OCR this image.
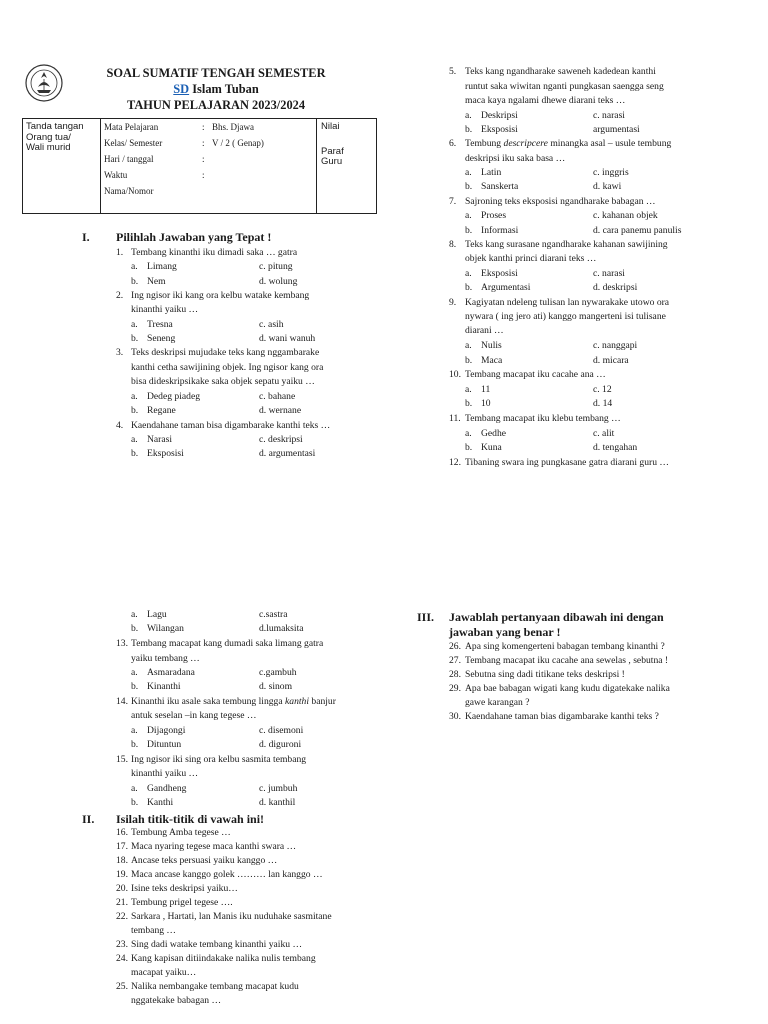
SOAL SUMATIF TENGAH SEMESTER
SD Islam Tuban
TAHUN PELAJARAN 2023/2024
Tanda tangan
Orang tua/
Wali murid

Mata Pelajaran	: Bhs. Djawa
Kelas/ Semester	: V / 2 ( Genap)
Hari / tanggal	:
Waktu	:
Nama/Nomor

Nilai
Paraf
Guru
I. Pilihlah Jawaban yang Tepat !
1. Tembang kinanthi iku dimadi saka … gatra
a. Limang	c. pitung
b. Nem	d. wolung
2. Ing ngisor iki kang ora kelbu watake kembang
kinanthi yaiku …
a. Tresna	c. asih
b. Seneng	d. wani wanuh
3. Teks deskripsi mujudake teks kang nggambarake
kanthi cetha sawijining objek. Ing ngisor kang ora
bisa dideskripsikake saka objek sepatu yaiku …
a. Dedeg piadeg	c. bahane
b. Regane	d. wernane
4. Kaendahane taman bisa digambarake kanthi teks …
a. Narasi	c. deskripsi
b. Eksposisi	d. argumentasi
5. Teks kang ngandharake saweneh kadedean kanthi
runtut saka wiwitan nganti pungkasan saengga seng
maca kaya ngalami dhewe diarani teks …
a. Deskripsi	c. narasi
b. Eksposisi	argumentasi
6. Tembung descripcere minangka asal – usule tembung
deskripsi iku saka basa …
a. Latin	c. inggris
b. Sanskerta	d. kawi
7. Sajroning teks eksposisi ngandharake babagan …
a. Proses	c. kahanan objek
b. Informasi	d. cara panemu panulis
8. Teks kang surasane ngandharake kahanan sawijining
objek kanthi princi diarani teks …
a. Eksposisi	c. narasi
b. Argumentasi	d. deskripsi
9. Kagiyatan ndeleng tulisan lan nywarakake utowo ora
nywara ( ing jero ati) kanggo mangerteni isi tulisane
diarani …
a. Nulis	c. nanggapi
b. Maca	d. micara
10. Tembang macapat iku cacahe ana …
a. 11	c. 12
b. 10	d. 14
11. Tembang macapat iku klebu tembang …
a. Gedhe	c. alit
b. Kuna	d. tengahan
12. Tibaning swara ing pungkasane gatra diarani guru …
a. Lagu	c.sastra
b. Wilangan	d.lumaksita
13. Tembang macapat kang dumadi saka limang gatra
yaiku tembang …
a. Asmaradana	c.gambuh
b. Kinanthi	d. sinom
14. Kinanthi iku asale saka tembung lingga kanthi banjur
antuk seselan –in kang tegese …
a. Dijagongi	c. disemoni
b. Dituntun	d. diguroni
15. Ing ngisor iki sing ora kelbu sasmita tembang
kinanthi yaiku …
a. Gandheng	c. jumbuh
b. Kanthi	d. kanthil
II. Isilah titik-titik di vawah ini!
16. Tembung Amba tegese …
17. Maca nyaring tegese maca kanthi swara …
18. Ancase teks persuasi yaiku kanggo …
19. Maca ancase kanggo golek ……… lan kanggo …
20. Isine teks deskripsi yaiku…
21. Tembung prigel tegese ….
22. Sarkara , Hartati, lan Manis iku nuduhake sasmitane
tembang …
23. Sing dadi watake tembang kinanthi yaiku …
24. Kang kapisan ditiindakake nalika nulis tembang
macapat yaiku…
25. Nalika nembangake tembang macapat kudu
nggatekake babagan …
III. Jawablah pertanyaan dibawah ini dengan
jawaban yang benar !
26. Apa sing komengerteni babagan tembang kinanthi ?
27. Tembang macapat iku cacahe ana sewelas , sebutna !
28. Sebutna sing dadi titikane teks deskripsi !
29. Apa bae babagan wigati kang kudu digatekake nalika
gawe karangan ?
30. Kaendahane taman bias digambarake kanthi teks ?
